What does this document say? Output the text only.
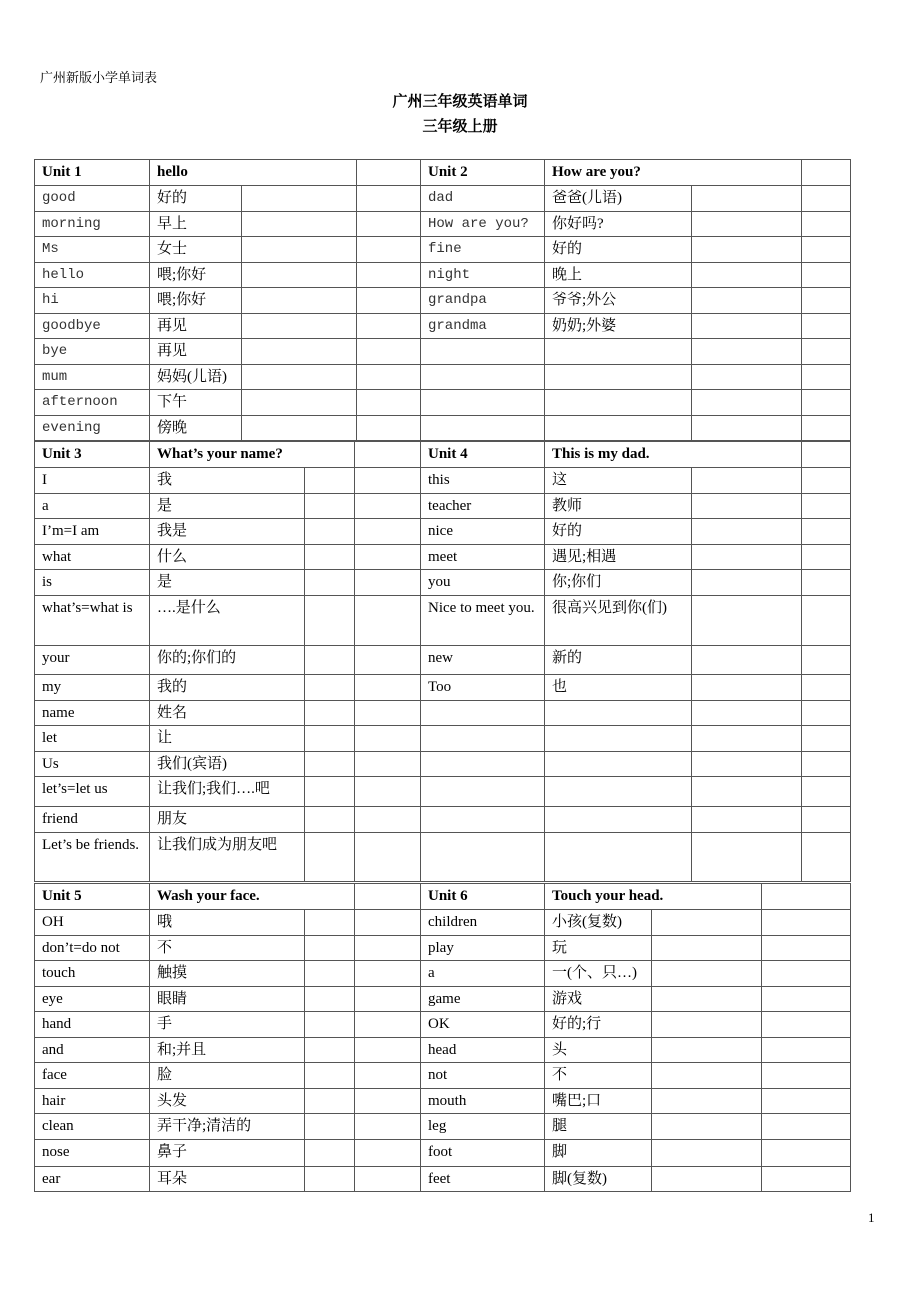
广州新版小学单词表
广州三年级英语单词
三年级上册
Unit 1	hello		
good	好的		
morning	早上		
Ms	女士		
hello	喂;你好		
hi	喂;你好		
goodbye	再见		
bye	再见		
mum	妈妈(儿语)		
afternoon	下午		
evening	傍晚		
Unit 2	How are you?		
dad	爸爸(儿语)		
How are you?	你好吗?		
fine	好的		
night	晚上		
grandpa	爷爷;外公		
grandma	奶奶;外婆		

Unit 3	What’s your name?		
I	我		
a	是		
I’m=I am	我是		
what	什么		
is	是		
what’s=what is	….是什么		
your	你的;你们的		
my	我的		
name	姓名		
let	让		
Us	我们(宾语)		
let’s=let us	让我们;我们….吧		
friend	朋友		
Let’s be friends.	让我们成为朋友吧		
Unit 4	This is my dad.		
this	这		
teacher	教师		
nice	好的		
meet	遇见;相遇		
you	你;你们		
Nice to meet you.	很高兴见到你(们)		
new	新的		
Too	也		

Unit 5	Wash your face.		
OH	哦		
don’t=do not	不		
touch	触摸		
eye	眼睛		
hand	手		
and	和;并且		
face	脸		
hair	头发		
clean	弄干净;清洁的		
nose	鼻子		
ear	耳朵		
Unit 6	Touch your head.		
children	小孩(复数)		
play	玩		
a	一(个、只…)		
game	游戏		
OK	好的;行		
head	头		
not	不		
mouth	嘴巴;口		
leg	腿		
foot	脚		
feet	脚(复数)		
1
